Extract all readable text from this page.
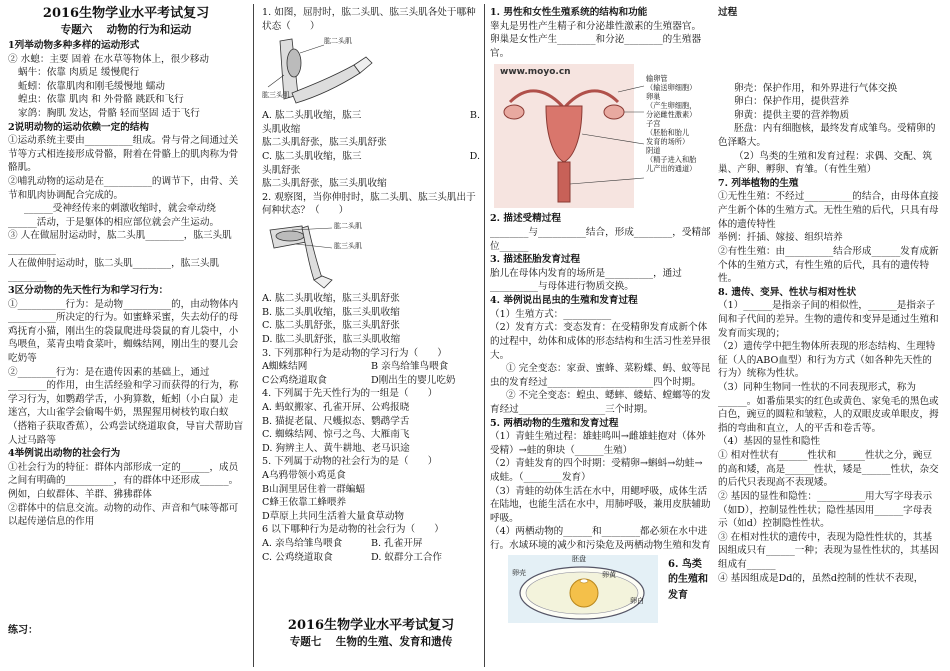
2016生物学业水平考试复习

专题六　 动物的行为和运动

1列举动物多种多样的运动形式

② 水螅：主要 固着 在水草等物体上，很少移动

蜗牛：依靠 肉质足 缓慢爬行

蚯蚓：依靠肌肉和刚毛缓慢地 蠕动

蝗虫：依靠 肌肉 和 外骨骼 跳跃和飞行

家鸽：胸肌 发达，骨骼 轻而坚固 适于飞行

2说明动物的运动依赖一定的结构

①运动系统主要由__________组成。骨与骨之间通过关节等方式相连接形成骨骼，附着在骨骼上的肌肉称为骨骼肌。

②哺乳动物的运动是在__________的调节下，由骨、关节和肌肉协调配合完成的。

______受神经传来的刺激收缩时，就会牵动绕______活动，于是躯体的相应部位就会产生运动。

③ 人在做屈肘运动时，肱二头肌________，肱三头肌__________

人在做伸肘运动时，肱二头肌________，肱三头肌________

3区分动物的先天性行为和学习行为：

①__________行为：是动物__________的，由动物体内__________所决定的行为。如蜜蜂采蜜，失去幼仔的母鸡抚育小猫，刚出生的袋鼠爬进母袋鼠的育儿袋中，小鸟喂鱼，菜青虫啃食菜叶，蜘蛛结网，刚出生的婴儿会吃奶等

②________行为：是在遗传因素的基础上，通过________的作用，由生活经验和学习而获得的行为，称学习行为，如鹦鹉学舌，小狗算数，蚯蚓（小白鼠）走迷宫，大山雀学会偷喝牛奶，黑猩猩用树枝钓取白蚁（搭箱子获取香蕉），公鸡尝试绕道取食，导盲犬帮助盲人过马路等

4举例说出动物的社会行为

①社会行为的特征：群体内部形成一定的______，成员之间有明确的__________，有的群体中还形成______。例如，白蚁群体、羊群、狒狒群体

②群体中的信息交流。动物的动作、声音和气味等都可以起传递信息的作用

练习：

1. 如图，屈肘时，肱二头肌、肱三头肌各处于哪种状态（　　）

肱二头肌
肱三头肌
A. 肱二头肌收缩，肱三头肌收缩
B.

肱二头肌舒张，肱三头肌舒张

C. 肱二头肌收缩，肱三头肌舒张
D.

肱二头肌舒张，肱三头肌收缩

2. 观察图，当你伸肘时，肱二头肌、肱三头肌出于何种状态？（　　）

肱二头肌
肱三头肌

A. 肱二头肌收缩，肱三头肌舒张

B. 肱二头肌收缩，肱三头肌收缩

C. 肱二头肌舒张，肱三头肌舒张

D. 肱二头肌舒张，肱三头肌收缩

3. 下列那种行为是动物的学习行为（　　）

A蜘蛛结网	B 亲鸟给雏鸟喂食
C公鸡绕道取食	D刚出生的婴儿吃奶

4. 下列属于先天性行为的一组是（　　）

A. 蚂蚁搬家、孔雀开屏、公鸡报晓

B. 猫捉老鼠、尺蠖拟态、鹦鹉学舌

C. 蜘蛛结网、惊弓之鸟、大雁南飞

D. 狗辨主人、黄牛耕地、老马识途

5. 下列属于动物的社会行为的是（　　）

A乌鸦带领小鸡觅食

B山洞里居住着一群蝙蝠

C蜂王依靠工蜂喂养

D草原上共同生活着大量食草动物

6 以下哪种行为是动物的社会行为（　　）

A. 亲鸟给雏鸟喂食	B. 孔雀开屏
C. 公鸡绕道取食	D. 蚁群分工合作

2016生物学业水平考试复习

专题七　 生物的生殖、发育和遗传

1. 男性和女性生殖系统的结构和功能

睾丸是男性产生精子和分泌雄性激素的生殖器官。

卵巢是女性产生________和分泌________的生殖器官。

www.moyo.cn
输卵管
（输送卵细胞）
卵巢
（产生卵细胞，
分泌雌性激素）
子宫
（胚胎和胎儿
发育的场所）
阴道
（精子进入和胎
儿产出的通道）

2. 描述受精过程

________与__________结合，形成________，受精部位______

3. 描述胚胎发育过程

胎儿在母体内发育的场所是__________，通过__________与母体进行物质交换。

4. 举例说出昆虫的生殖和发育过程

（1）生殖方式：__________

（2）发育方式：变态发育：在受精卵发育成新个体的过程中，幼体和成体的形态结构和生活习性差异很大。

① 完全变态：家蚕、蜜蜂、菜粉蝶、蚂、蚊等昆虫的发育经过______________________四个时期。

② 不完全变态：蝗虫、蟋蟀、蝼蛄、螳螂等的发育经过__________________三个时期。

5. 两栖动物的生殖和发育过程

（1）青蛙生殖过程：雄蛙鸣叫→雌雄蛙抱对（体外受精）→蛙的卵块（______生殖）

（2）青蛙发育的四个时期：受精卵→蝌蚪→幼蛙→成蛙。（________发育）

（3）青蛙的幼体生活在水中，用鳃呼吸，成体生活在陆地，也能生活在水中，用肺呼吸，兼用皮肤辅助呼吸。

（4）两栖动物的______和________都必须在水中进行。水域环境的减少和污染危及两栖动物生殖和发育

卵壳	卵黄
胚盘
卵白
6. 鸟类的生殖和发育

过程

卵壳：保护作用，和外界进行气体交换

卵白：保护作用，提供营养

卵黄：提供主要的营养物质

胚盘：内有细胞核，最终发育成雏鸟。受精卵的色泽略大。

（2）鸟类的生殖和发育过程：求偶、交配、筑巢、产卵、孵卵、育雏。（有性生殖）

7. 列举植物的生殖

①无性生殖：不经过__________的结合，由母体直接产生新个体的生殖方式。无性生殖的后代，只具有母体的遗传特性

举例：扦插、嫁接、组织培养

②有性生殖：由__________结合形成______发育成新个体的生殖方式，有性生殖的后代，具有的遗传特性。

8. 遗传、变异、性状与相对性状

（1）______是指亲子间的相似性，______是指亲子间和子代间的差异。生物的遗传和变异是通过生殖和发育而实现的；

（2）遗传学中把生物体所表现的形态结构、生理特征（人的ABO血型）和行为方式（如各种先天性的行为）统称为性状。

（3）同种生物同一性状的不同表现形式，称为______。如番茄果实的红色或黄色、家兔毛的黑色或白色，豌豆的圆粒和皱粒，人的双眼皮或单眼皮，拇指的弯曲和直立，人的平舌和卷舌等。

（4）基因的显性和隐性

① 相对性状有______性状和______性状之分，豌豆的高和矮，高是______性状，矮是______性状，杂交的后代只表现高不表现矮。

② 基因的显性和隐性：__________用大写字母表示（如D），控制显性性状；隐性基因用______字母表示（如d）控制隐性性状。

③ 在相对性状的遗传中，表现为隐性性状的，其基因组成只有______一种；表现为显性性状的，其基因组成有______

④ 基因组成是Dd的，虽然d控制的性状不表现，
